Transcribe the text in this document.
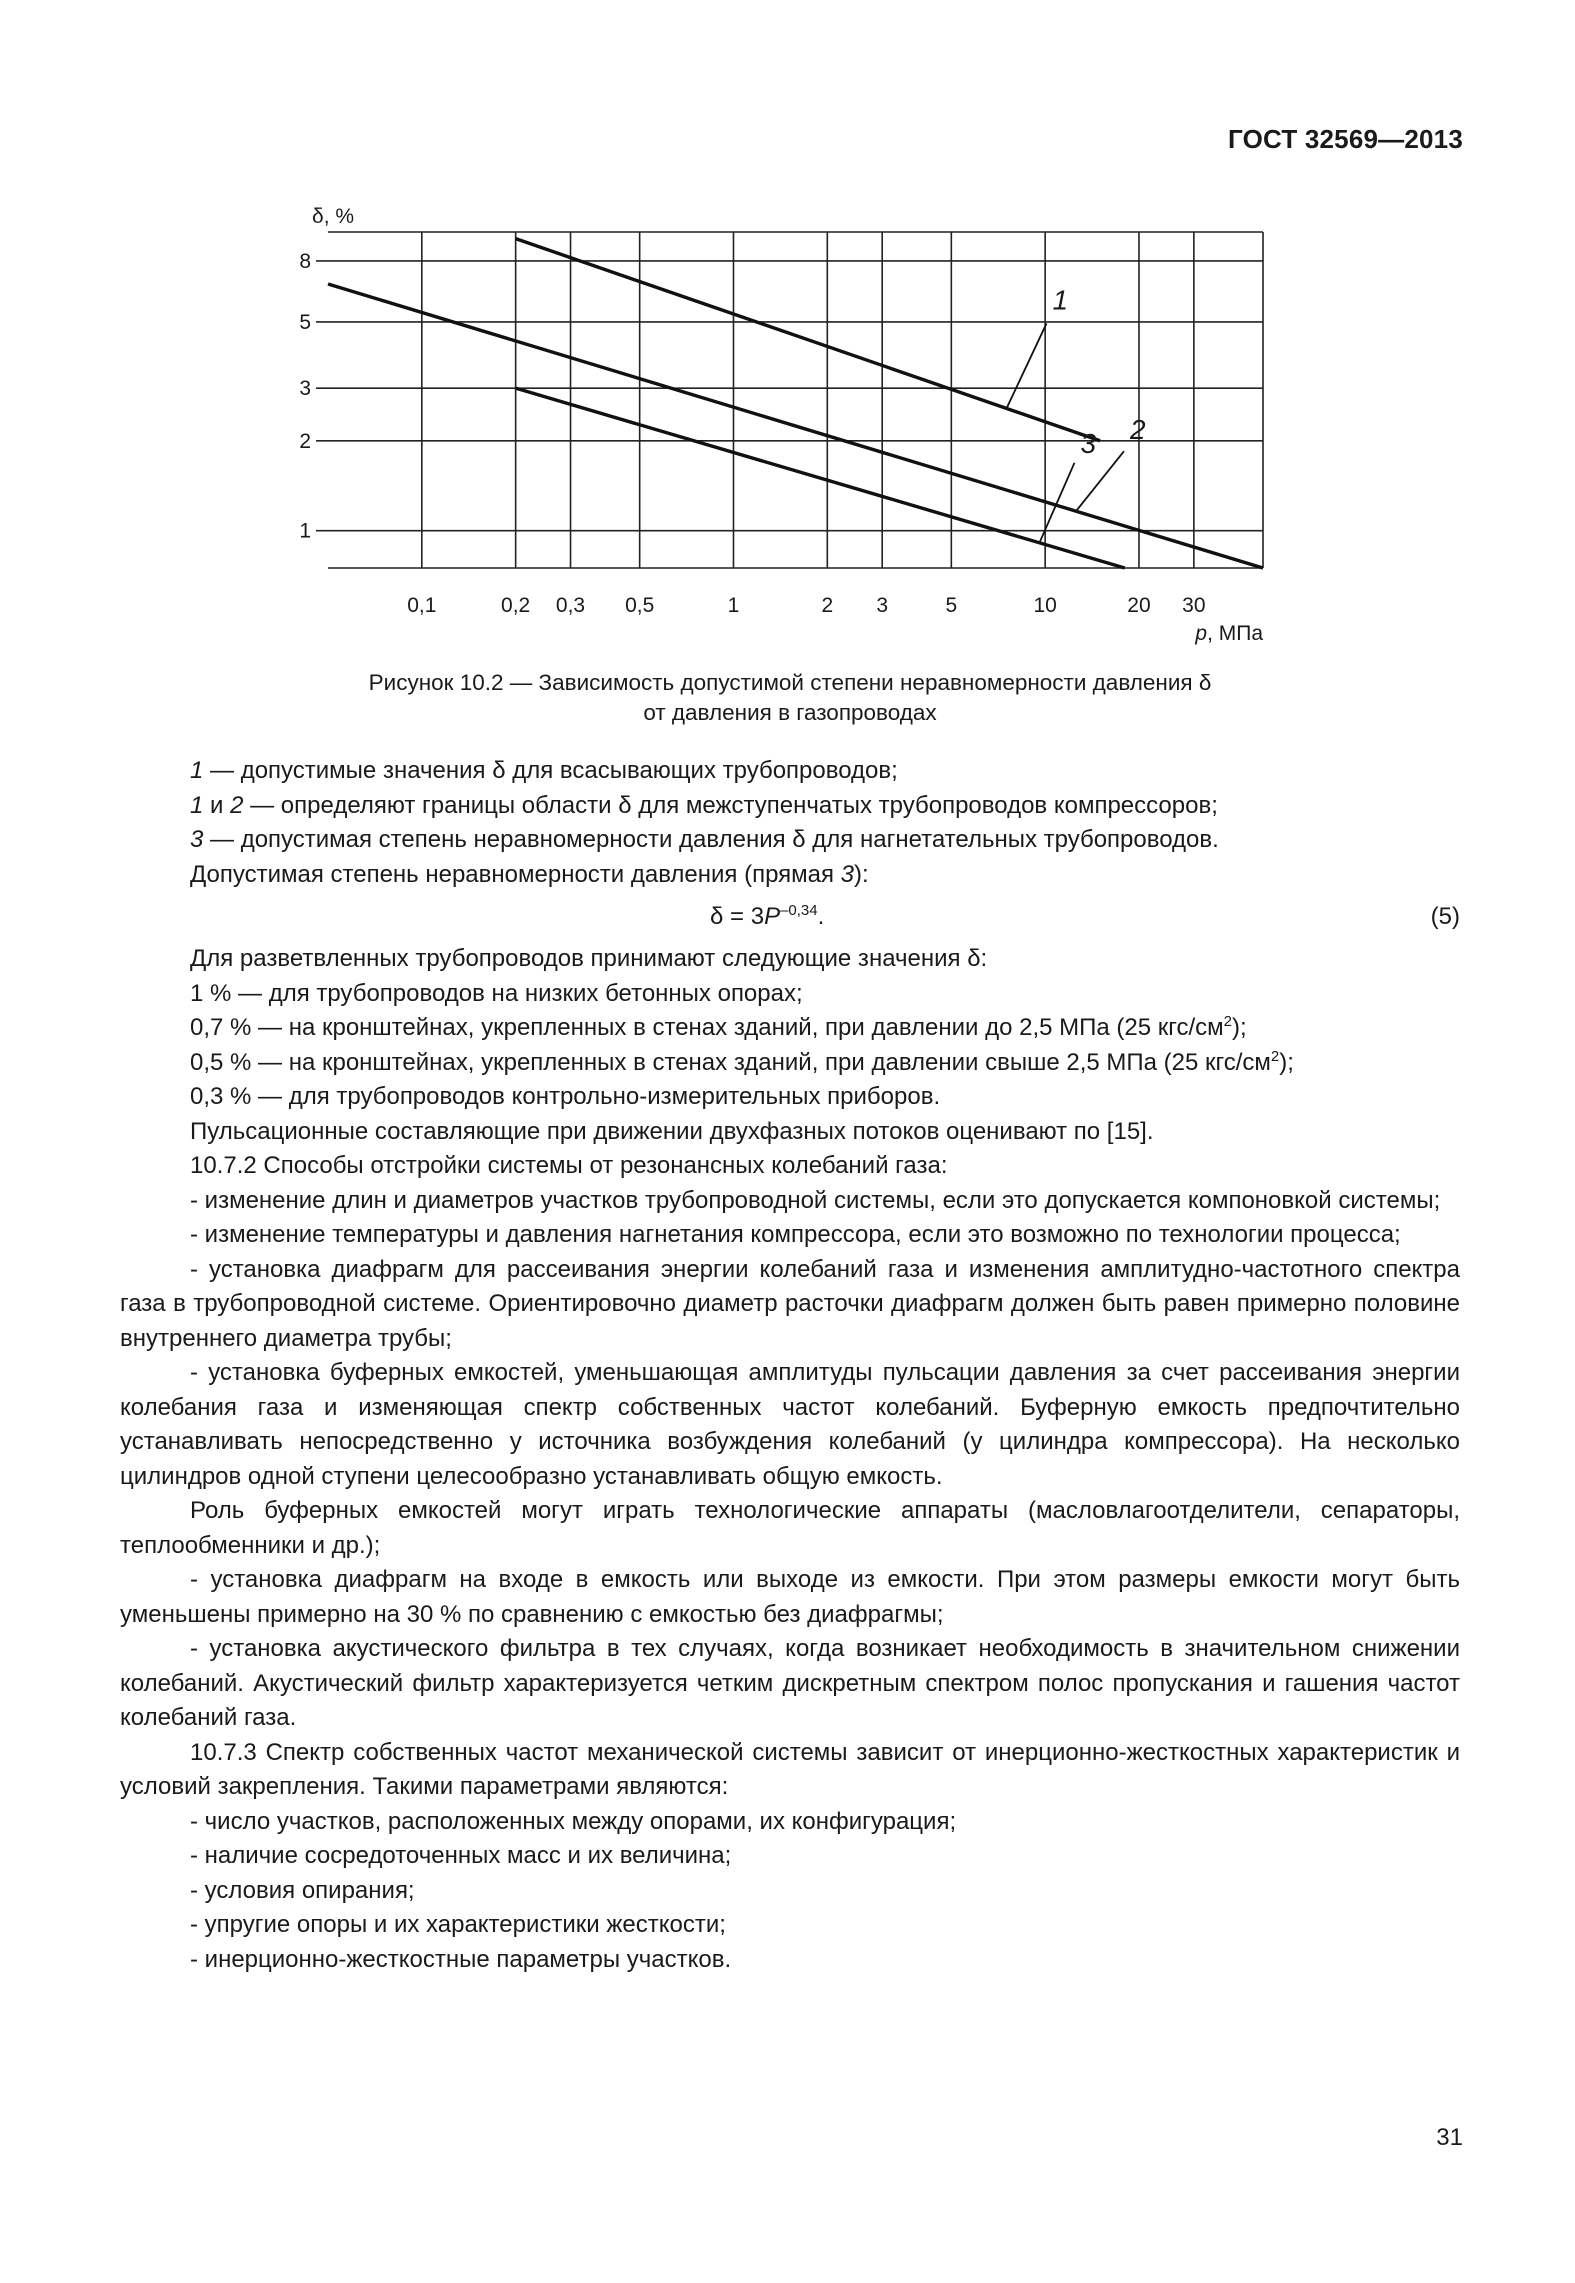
ГОСТ 32569—2013
δ, %
8
5
3
2
1
0,1	0,2 0,3 0,5	1	2 3	5	10	20 30
1
2
3
p, МПа
Рисунок 10.2 — Зависимость допустимой степени неравномерности давления δ
от давления в газопроводах

1 — допустимые значения δ для всасывающих трубопроводов;

1 и 2 — определяют границы области δ для межступенчатых трубопроводов компрессоров;

3 — допустимая степень неравномерности давления δ для нагнетательных трубопроводов.

Допустимая степень неравномерности давления (прямая 3):

$\delta = 3P^{-0,34}$.	(5)

Для разветвленных трубопроводов принимают следующие значения δ:

1 % — для трубопроводов на низких бетонных опорах;

0,7 % — на кронштейнах, укрепленных в стенах зданий, при давлении до 2,5 МПа (25 кгс/$см^2$);

0,5 % — на кронштейнах, укрепленных в стенах зданий, при давлении свыше 2,5 МПа (25 кгс/$см^2$);

0,3 % — для трубопроводов контрольно-измерительных приборов.

Пульсационные составляющие при движении двухфазных потоков оценивают по [15].

10.7.2 Способы отстройки системы от резонансных колебаний газа:

- изменение длин и диаметров участков трубопроводной системы, если это допускается компоновкой системы;

- изменение температуры и давления нагнетания компрессора, если это возможно по технологии процесса;

- установка диафрагм для рассеивания энергии колебаний газа и изменения амплитудно-частотного спектра газа в трубопроводной системе. Ориентировочно диаметр расточки диафрагм должен быть равен примерно половине внутреннего диаметра трубы;

- установка буферных емкостей, уменьшающая амплитуды пульсации давления за счет рассеивания энергии колебания газа и изменяющая спектр собственных частот колебаний. Буферную емкость предпочтительно устанавливать непосредственно у источника возбуждения колебаний (у цилиндра компрессора). На несколько цилиндров одной ступени целесообразно устанавливать общую емкость.

Роль буферных емкостей могут играть технологические аппараты (масловлагоотделители, сепараторы, теплообменники и др.);

- установка диафрагм на входе в емкость или выходе из емкости. При этом размеры емкости могут быть уменьшены примерно на 30 % по сравнению с емкостью без диафрагмы;

- установка акустического фильтра в тех случаях, когда возникает необходимость в значительном снижении колебаний. Акустический фильтр характеризуется четким дискретным спектром полос пропускания и гашения частот колебаний газа.

10.7.3 Спектр собственных частот механической системы зависит от инерционно-жесткостных характеристик и условий закрепления. Такими параметрами являются:

- число участков, расположенных между опорами, их конфигурация;

- наличие сосредоточенных масс и их величина;

- условия опирания;

- упругие опоры и их характеристики жесткости;

- инерционно-жесткостные параметры участков.

31
